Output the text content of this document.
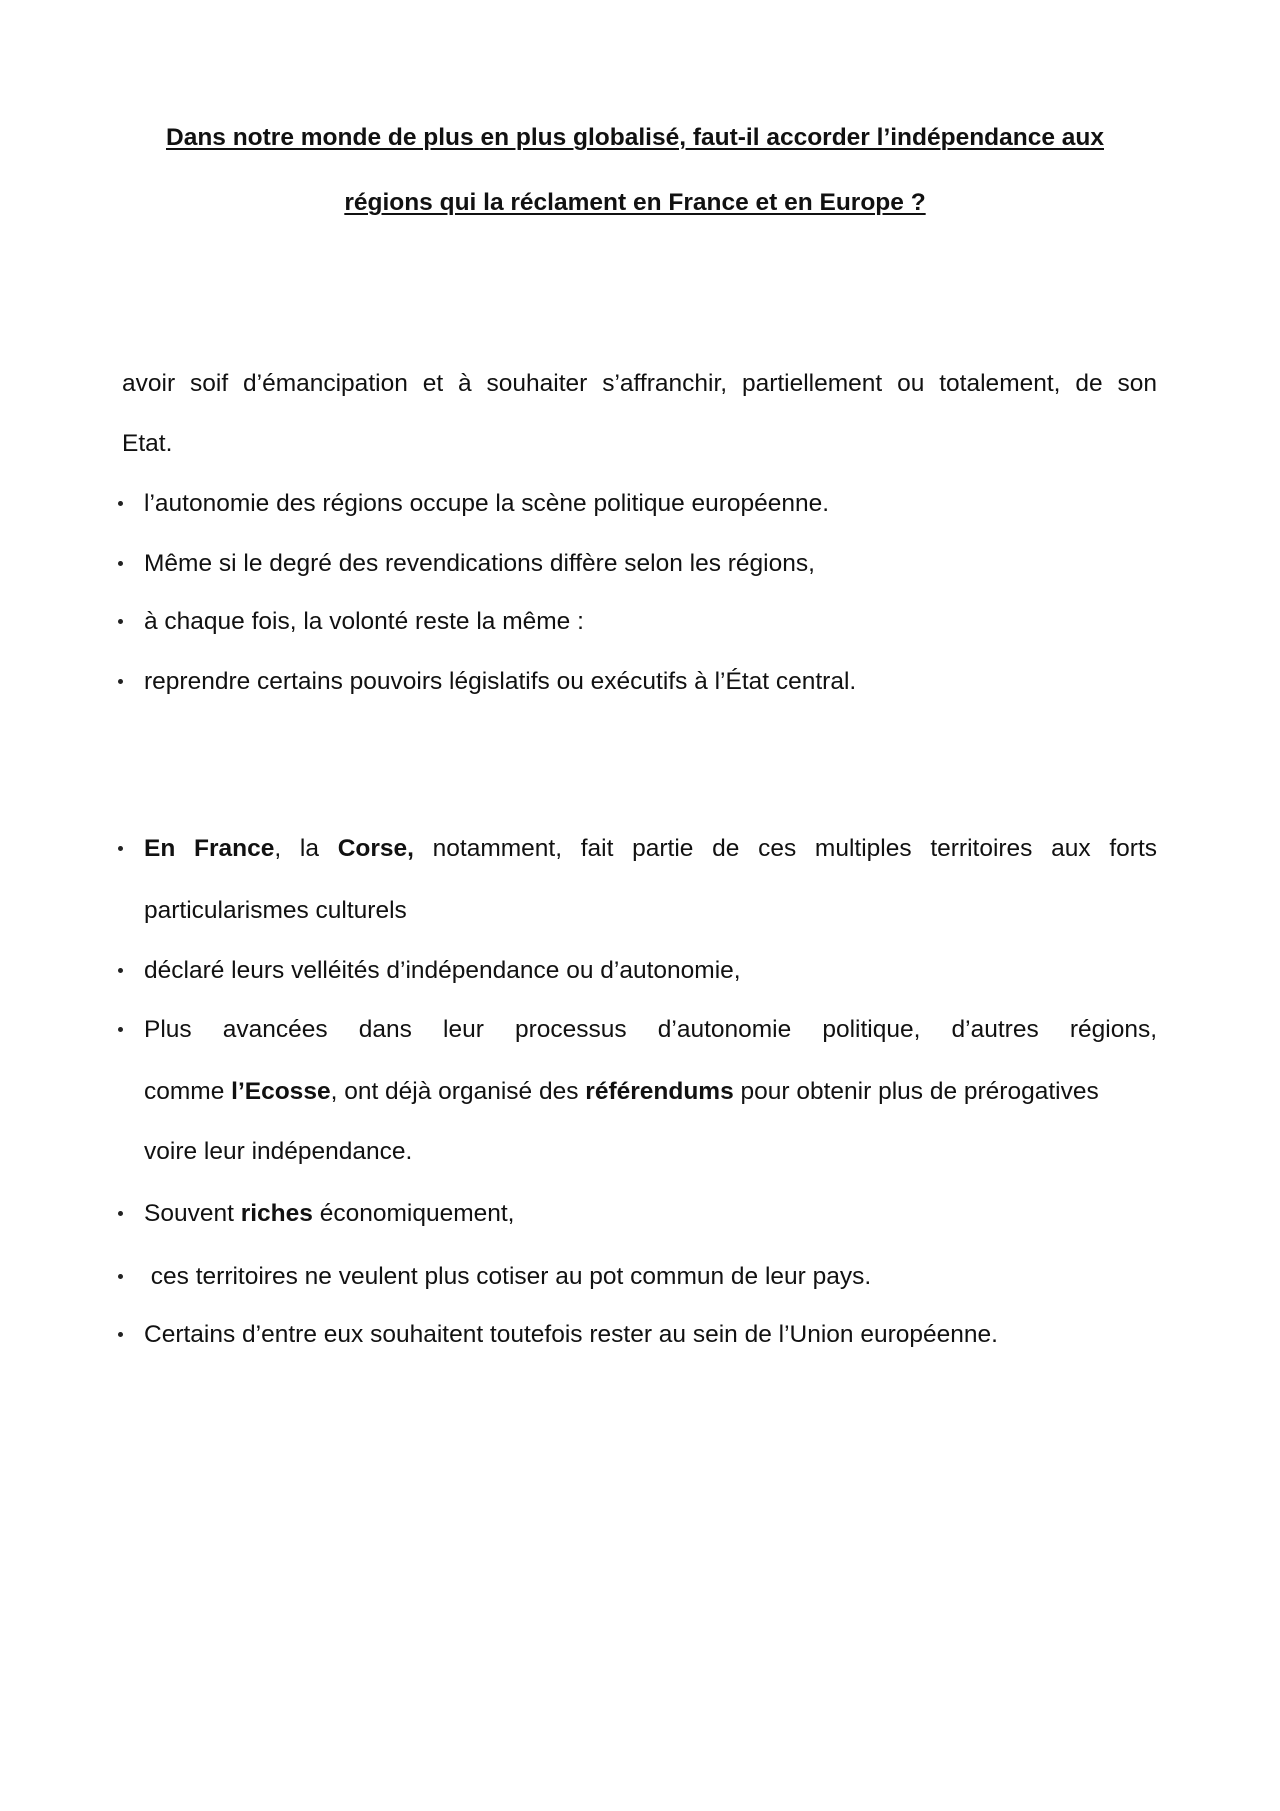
Dans notre monde de plus en plus globalisé, faut-il accorder l’indépendance aux
régions qui la réclament en France et en Europe ?
avoir soif d’émancipation et à souhaiter s’affranchir, partiellement ou totalement, de son
Etat.
l’autonomie des régions occupe la scène politique européenne.
Même si le degré des revendications diffère selon les régions,
à chaque fois, la volonté reste la même :
reprendre certains pouvoirs législatifs ou exécutifs à l’État central.
En France, la Corse, notamment, fait partie de ces multiples territoires aux forts
particularismes culturels
déclaré leurs velléités d’indépendance ou d’autonomie,
Plus avancées dans leur processus d’autonomie politique, d’autres régions,
comme l’Ecosse, ont déjà organisé des référendums pour obtenir plus de prérogatives
voire leur indépendance.
Souvent riches économiquement,
ces territoires ne veulent plus cotiser au pot commun de leur pays.
Certains d’entre eux souhaitent toutefois rester au sein de l’Union européenne.
